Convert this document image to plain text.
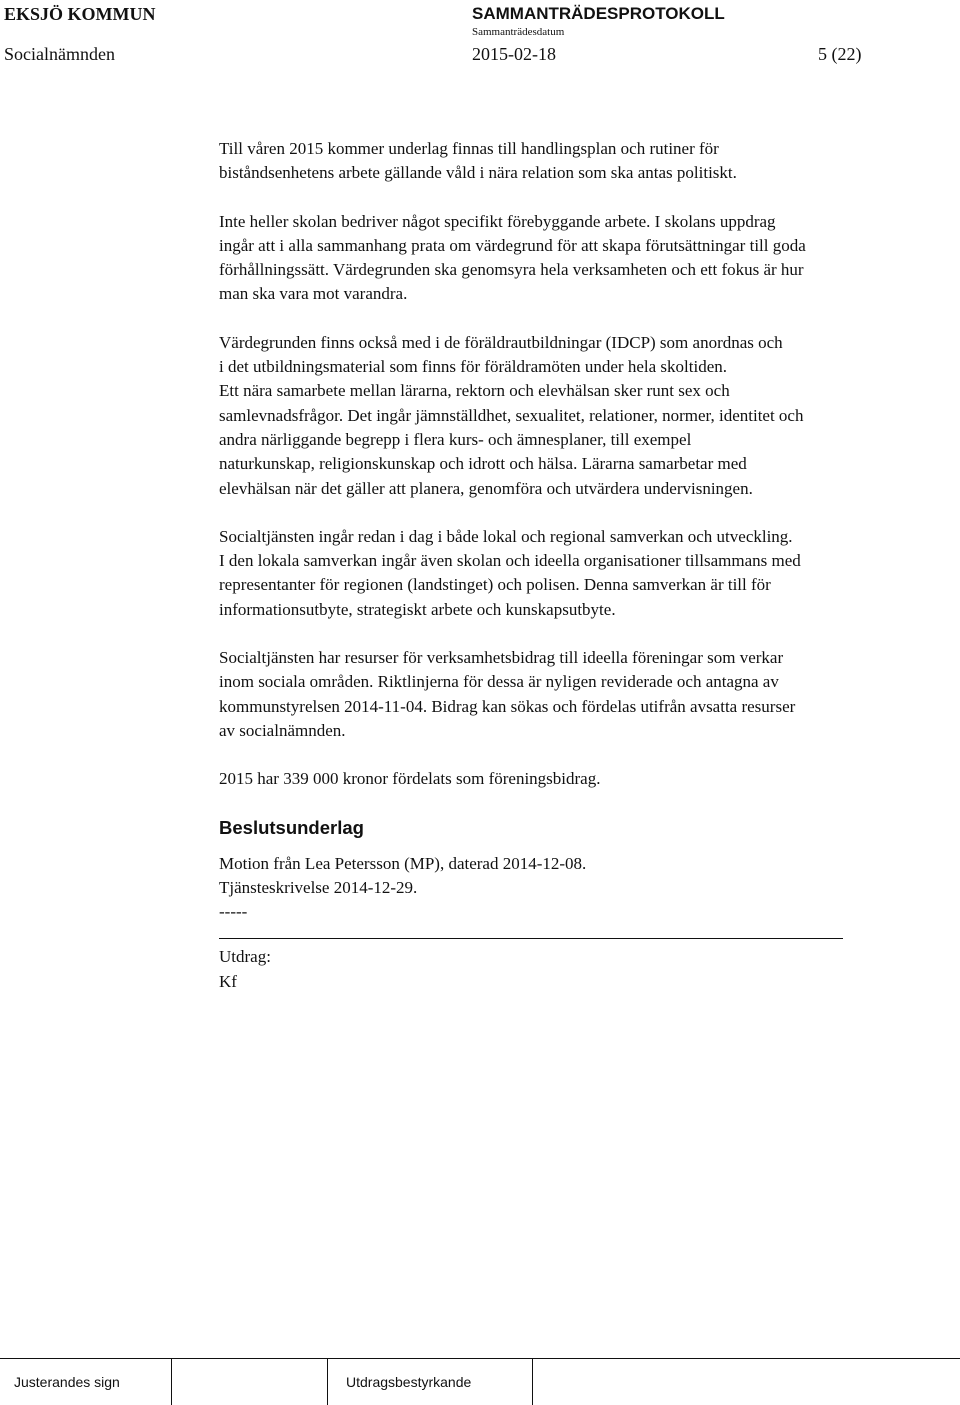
EKSJÖ KOMMUN	SAMMANTRÄDESPROTOKOLL
Sammanträdesdatum
Socialnämnden	2015-02-18	5 (22)

Till våren 2015 kommer underlag finnas till handlingsplan och rutiner för
biståndsenhetens arbete gällande våld i nära relation som ska antas politiskt.

Inte heller skolan bedriver något specifikt förebyggande arbete. I skolans uppdrag
ingår att i alla sammanhang prata om värdegrund för att skapa förutsättningar till goda
förhållningssätt. Värdegrunden ska genomsyra hela verksamheten och ett fokus är hur
man ska vara mot varandra.

Värdegrunden finns också med i de föräldrautbildningar (IDCP) som anordnas och
i det utbildningsmaterial som finns för föräldramöten under hela skoltiden.
Ett nära samarbete mellan lärarna, rektorn och elevhälsan sker runt sex och
samlevnadsfrågor. Det ingår jämnställdhet, sexualitet, relationer, normer, identitet och
andra närliggande begrepp i flera kurs- och ämnesplaner, till exempel
naturkunskap, religionskunskap och idrott och hälsa. Lärarna samarbetar med
elevhälsan när det gäller att planera, genomföra och utvärdera undervisningen.

Socialtjänsten ingår redan i dag i både lokal och regional samverkan och utveckling.
I den lokala samverkan ingår även skolan och ideella organisationer tillsammans med
representanter för regionen (landstinget) och polisen. Denna samverkan är till för
informationsutbyte, strategiskt arbete och kunskapsutbyte.

Socialtjänsten har resurser för verksamhetsbidrag till ideella föreningar som verkar
inom sociala områden. Riktlinjerna för dessa är nyligen reviderade och antagna av
kommunstyrelsen 2014-11-04. Bidrag kan sökas och fördelas utifrån avsatta resurser
av socialnämnden.

2015 har 339 000 kronor fördelats som föreningsbidrag.

Beslutsunderlag

Motion från Lea Petersson (MP), daterad 2014-12-08.
Tjänsteskrivelse 2014-12-29.
-----

Utdrag:
Kf

Justerandes sign	Utdragsbestyrkande
